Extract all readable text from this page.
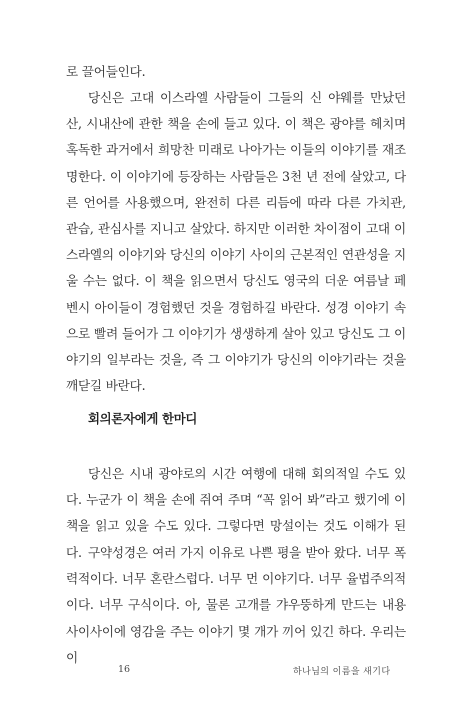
로 끌어들인다.
당신은 고대 이스라엘 사람들이 그들의 신 야웨를 만났던 산, 시내산에 관한 책을 손에 들고 있다. 이 책은 광야를 헤치며 혹독한 과거에서 희망찬 미래로 나아가는 이들의 이야기를 재조명한다. 이 이야기에 등장하는 사람들은 3천 년 전에 살았고, 다른 언어를 사용했으며, 완전히 다른 리듬에 따라 다른 가치관, 관습, 관심사를 지니고 살았다. 하지만 이러한 차이점이 고대 이스라엘의 이야기와 당신의 이야기 사이의 근본적인 연관성을 지울 수는 없다. 이 책을 읽으면서 당신도 영국의 더운 여름날 페벤시 아이들이 경험했던 것을 경험하길 바란다. 성경 이야기 속으로 빨려 들어가 그 이야기가 생생하게 살아 있고 당신도 그 이야기의 일부라는 것을, 즉 그 이야기가 당신의 이야기라는 것을 깨닫길 바란다.
회의론자에게 한마디
당신은 시내 광야로의 시간 여행에 대해 회의적일 수도 있다. 누군가 이 책을 손에 쥐여 주며 “꼭 읽어 봐”라고 했기에 이 책을 읽고 있을 수도 있다. 그렇다면 망설이는 것도 이해가 된다. 구약성경은 여러 가지 이유로 나쁜 평을 받아 왔다. 너무 폭력적이다. 너무 혼란스럽다. 너무 먼 이야기다. 너무 율법주의적이다. 너무 구식이다. 아, 물론 고개를 갸우뚱하게 만드는 내용 사이사이에 영감을 주는 이야기 몇 개가 끼어 있긴 하다. 우리는 이
16	하나님의 이름을 새기다
